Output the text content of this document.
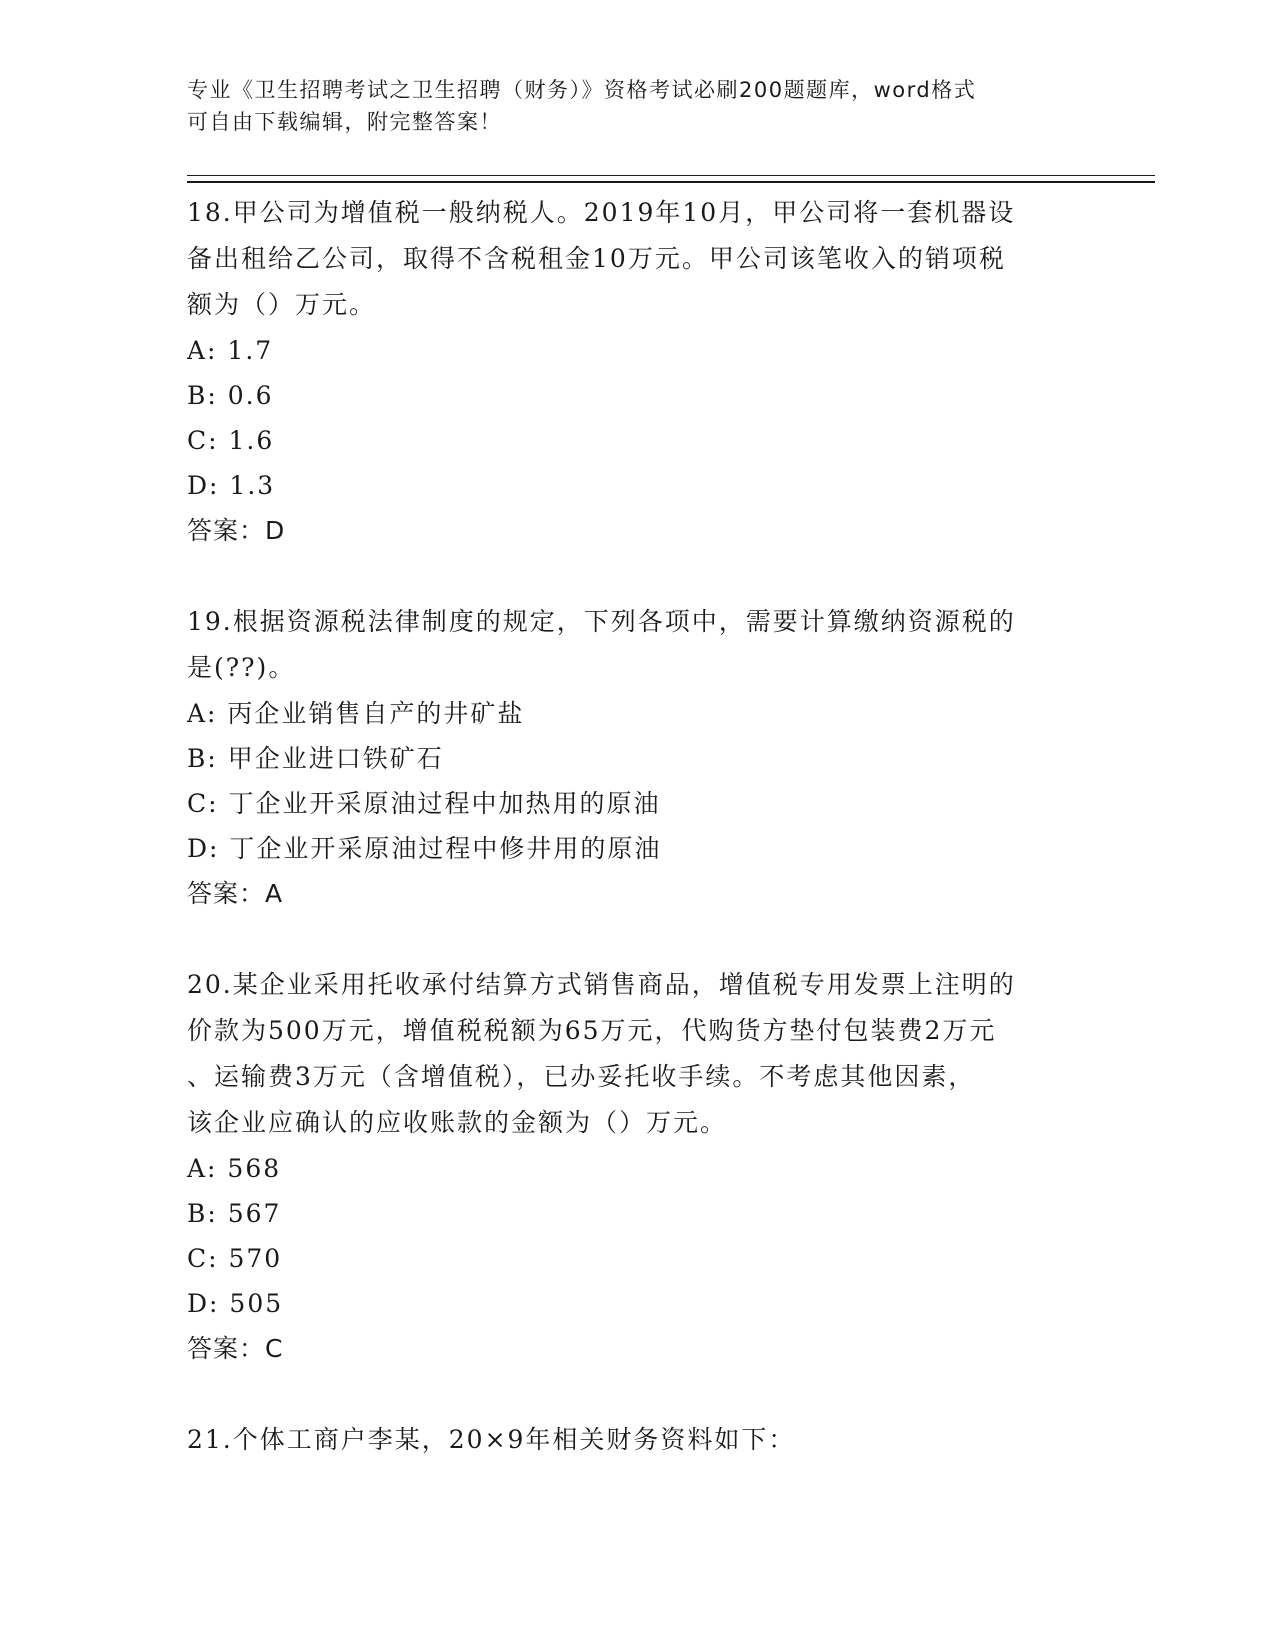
专业《卫生招聘考试之卫生招聘（财务）》资格考试必刷200题题库，word格式
可自由下载编辑，附完整答案！
18.甲公司为增值税一般纳税人。2019年10月，甲公司将一套机器设
备出租给乙公司，取得不含税租金10万元。甲公司该笔收入的销项税
额为（）万元。
A: 1.7
B: 0.6
C: 1.6
D: 1.3
答案：D
19.根据资源税法律制度的规定，下列各项中，需要计算缴纳资源税的
是(??)。
A: 丙企业销售自产的井矿盐
B: 甲企业进口铁矿石
C: 丁企业开采原油过程中加热用的原油
D: 丁企业开采原油过程中修井用的原油
答案：A
20.某企业采用托收承付结算方式销售商品，增值税专用发票上注明的
价款为500万元，增值税税额为65万元，代购货方垫付包装费2万元
、运输费3万元（含增值税），已办妥托收手续。不考虑其他因素，
该企业应确认的应收账款的金额为（）万元。
A: 568
B: 567
C: 570
D: 505
答案：C
21.个体工商户李某，20×9年相关财务资料如下：
